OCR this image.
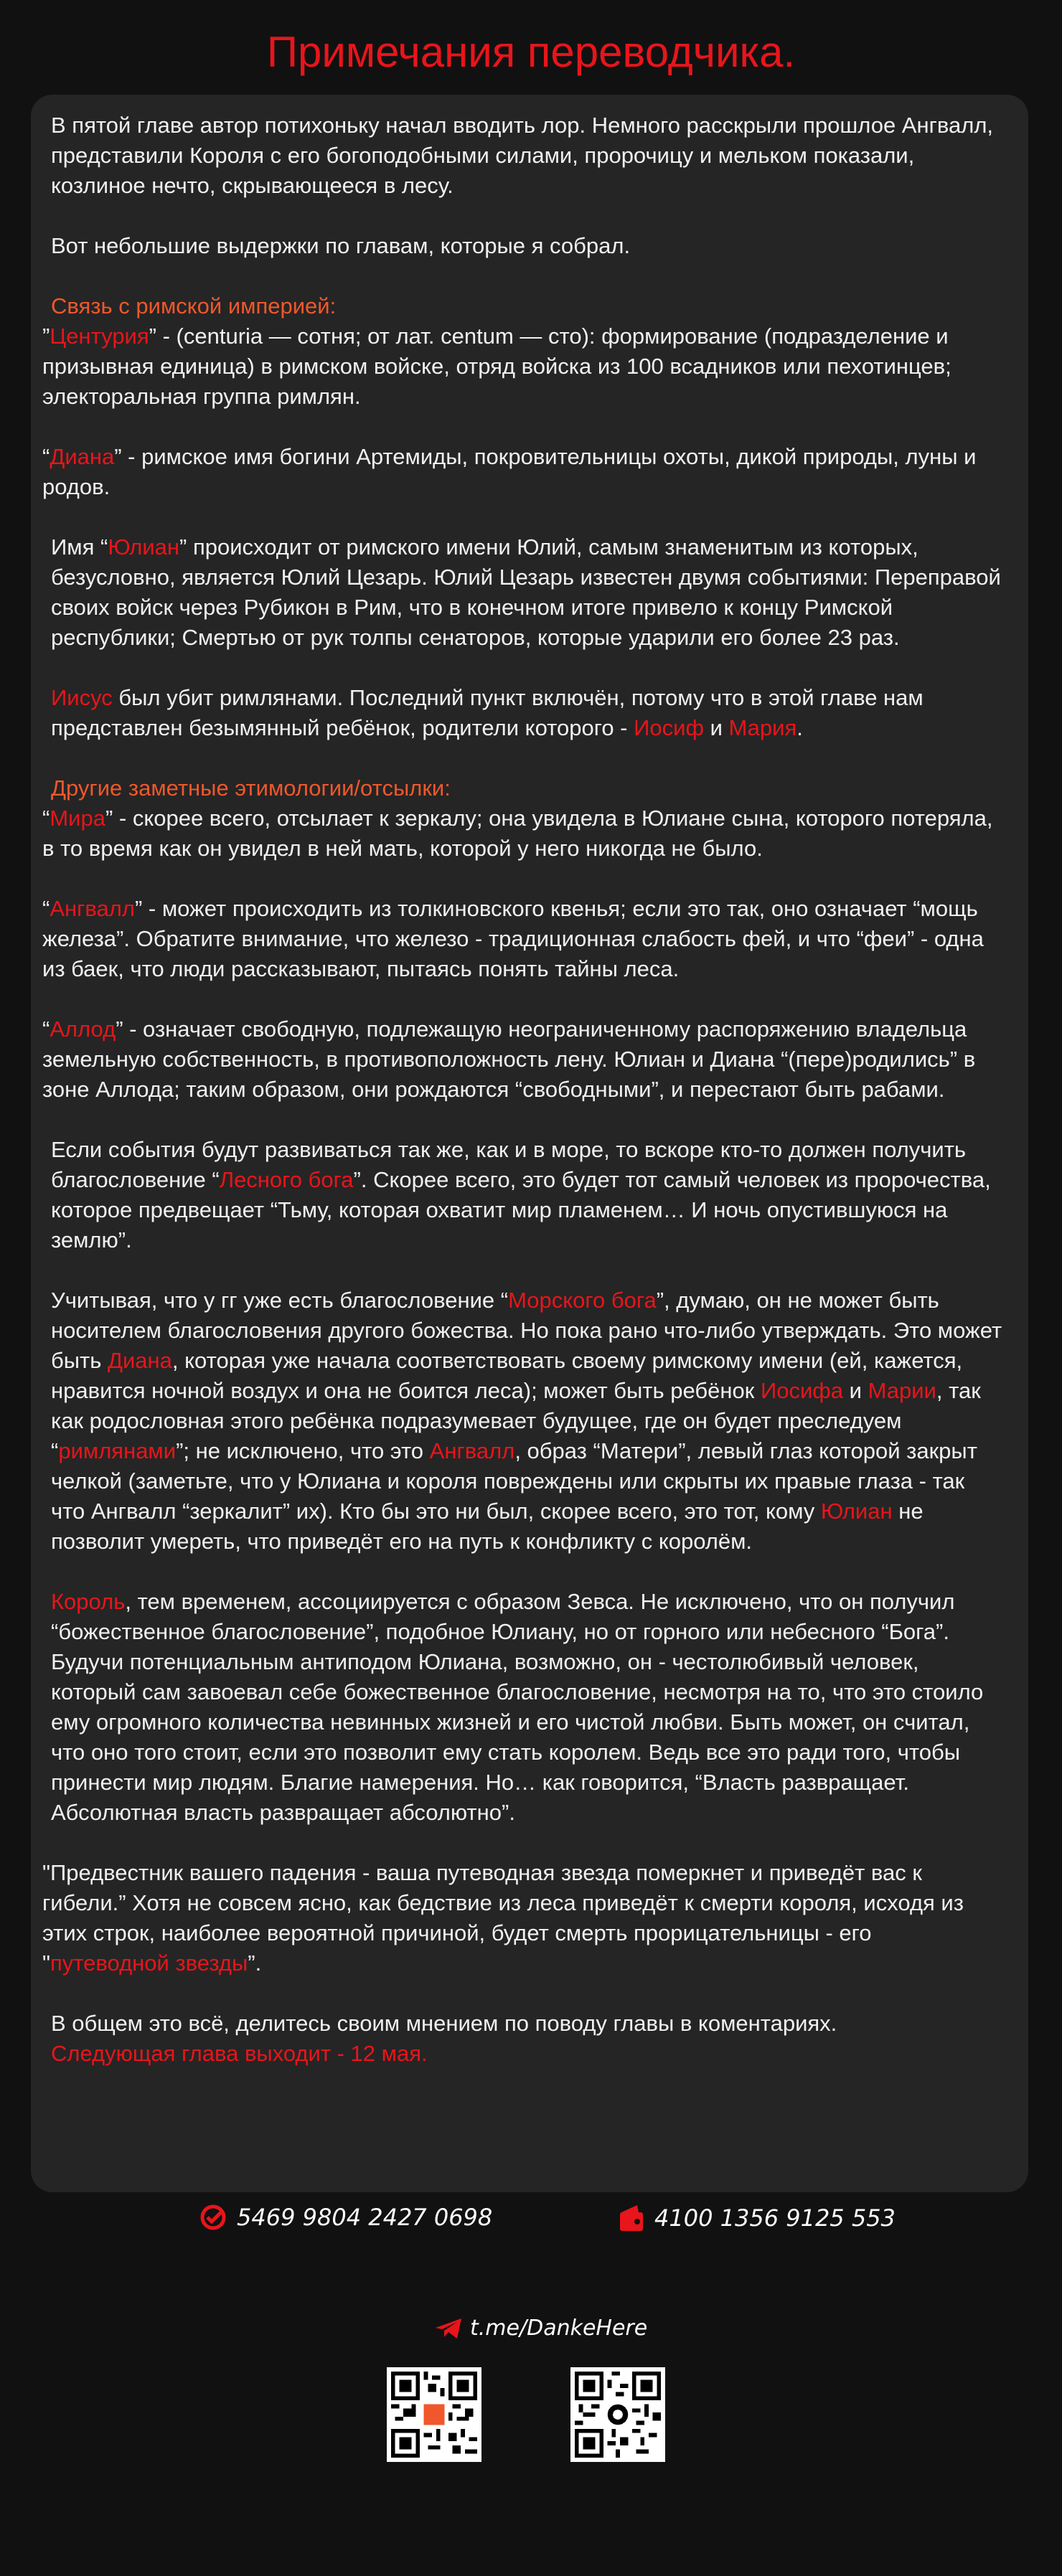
Примечания переводчика.

В пятой главе автор потихоньку начал вводить лор. Немного расскрыли прошлое Ангвалл, представили Короля с его богоподобными силами, пророчицу и мельком показали, козлиное нечто, скрывающееся в лесу.

Вот небольшие выдержки по главам, которые я собрал.

Связь с римской империей:

”Центурия” - (centuria — сотня; от лат. centum — сто): формирование (подразделение и призывная единица) в римском войске, отряд войска из 100 всадников или пехотинцев; электоральная группа римлян.

“Диана” - римское имя богини Артемиды, покровительницы охоты, дикой природы, луны и родов.

Имя “Юлиан” происходит от римского имени Юлий, самым знаменитым из которых, безусловно, является Юлий Цезарь. Юлий Цезарь известен двумя событиями: Переправой своих войск через Рубикон в Рим, что в конечном итоге привело к концу Римской республики; Смертью от рук толпы сенаторов, которые ударили его более 23 раз.

Иисус был убит римлянами. Последний пункт включён, потому что в этой главе нам представлен безымянный ребёнок, родители которого - Иосиф и Мария.

Другие заметные этимологии/отсылки:

“Мира” - скорее всего, отсылает к зеркалу; она увидела в Юлиане сына, которого потеряла, в то время как он увидел в ней мать, которой у него никогда не было.

“Ангвалл” - может происходить из толкиновского квенья; если это так, оно означает “мощь железа”. Обратите внимание, что железо - традиционная слабость фей, и что “феи” - одна из баек, что люди рассказывают, пытаясь понять тайны леса.

“Аллод” - означает свободную, подлежащую неограниченному распоряжению владельца земельную собственность, в противоположность лену. Юлиан и Диана “(пере)родились” в зоне Аллода; таким образом, они рождаются “свободными”, и перестают быть рабами.

Если события будут развиваться так же, как и в море, то вскоре кто-то должен получить благословение “Лесного бога”. Скорее всего, это будет тот самый человек из пророчества, которое предвещает “Тьму, которая охватит мир пламенем… И ночь опустившуюся на землю”.

Учитывая, что у гг уже есть благословение “Морского бога”, думаю, он не может быть носителем благословения другого божества. Но пока рано что-либо утверждать. Это может быть Диана, которая уже начала соответствовать своему римскому имени (ей, кажется, нравится ночной воздух и она не боится леса); может быть ребёнок Иосифа и Марии, так как родословная этого ребёнка подразумевает будущее, где он будет преследуем “римлянами”; не исключено, что это Ангвалл, образ “Матери”, левый глаз которой закрыт челкой (заметьте, что у Юлиана и короля повреждены или скрыты их правые глаза - так что Ангвалл “зеркалит” их). Кто бы это ни был, скорее всего, это тот, кому Юлиан не позволит умереть, что приведёт его на путь к конфликту с королём.

Король, тем временем, ассоциируется с образом Зевса. Не исключено, что он получил “божественное благословение”, подобное Юлиану, но от горного или небесного “Бога”. Будучи потенциальным антиподом Юлиана, возможно, он - честолюбивый человек, который сам завоевал себе божественное благословение, несмотря на то, что это стоило ему огромного количества невинных жизней и его чистой любви. Быть может, он считал, что оно того стоит, если это позволит ему стать королем. Ведь все это ради того, чтобы принести мир людям. Благие намерения. Но… как говорится, “Власть развращает. Абсолютная власть развращает абсолютно”.

"Предвестник вашего падения - ваша путеводная звезда померкнет и приведёт вас к гибели.” Хотя не совсем ясно, как бедствие из леса приведёт к смерти короля, исходя из этих строк, наиболее вероятной причиной, будет смерть прорицательницы - его "путеводной звезды”.

В общем это всё, делитесь своим мнением по поводу главы в коментариях.

Следующая глава выходит - 12 мая.

5469 9804 2427 0698	4100 1356 9125 553
t.me/DankeHere
